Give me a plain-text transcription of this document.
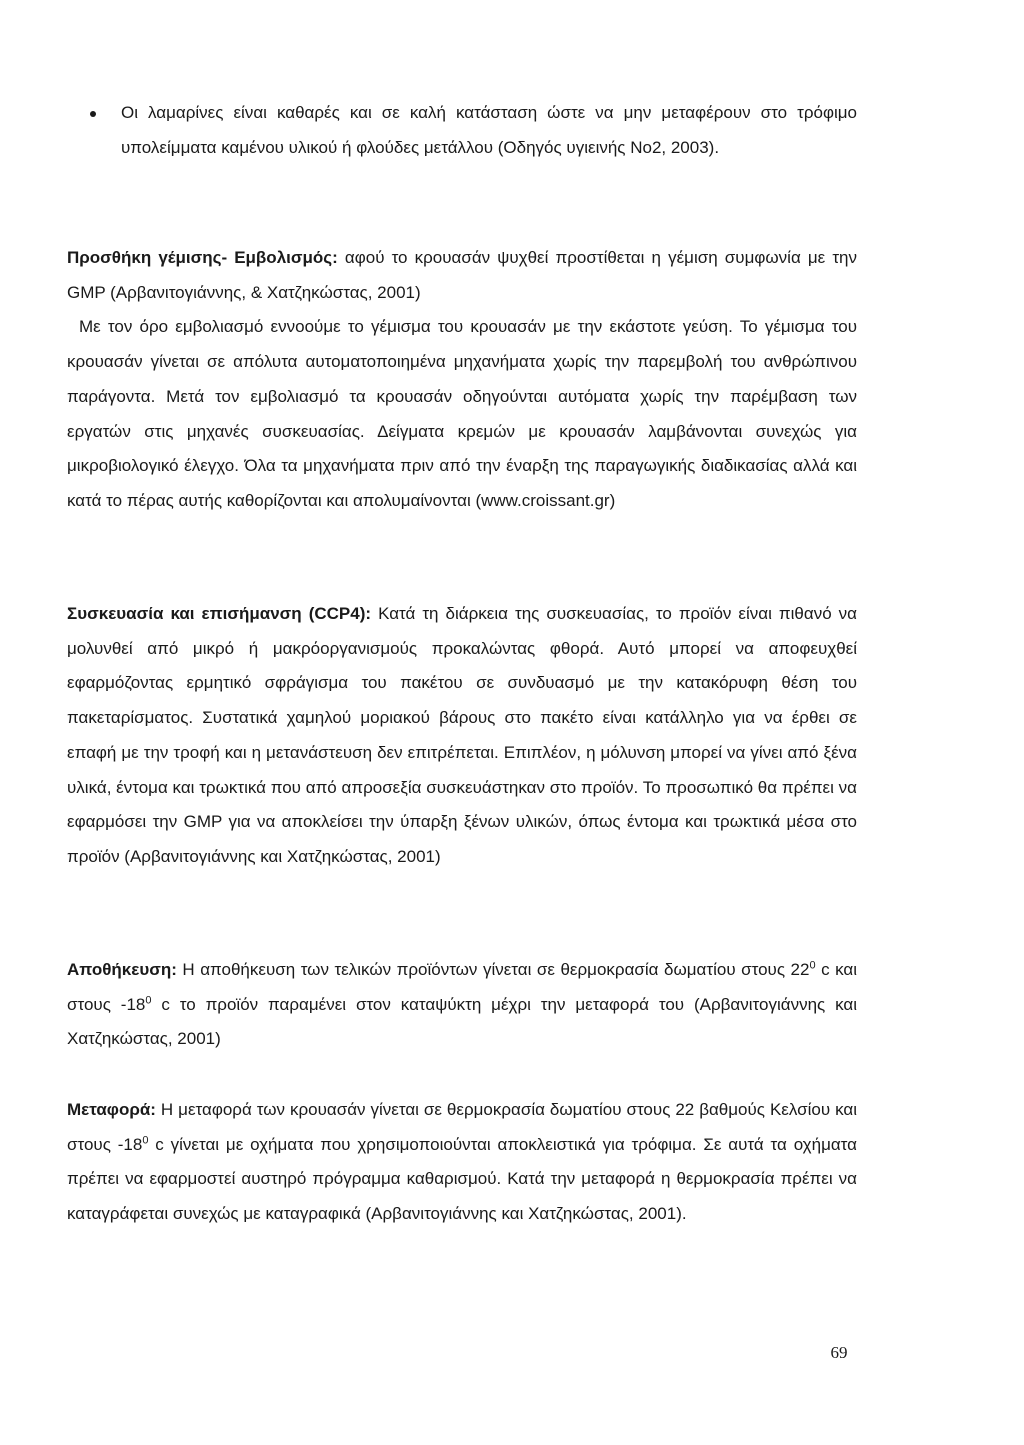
Οι λαμαρίνες είναι καθαρές και σε καλή κατάσταση ώστε να μην μεταφέρουν στο τρόφιμο υπολείμματα καμένου υλικού ή φλούδες μετάλλου (Οδηγός υγιεινής Νο2, 2003).
Προσθήκη γέμισης- Εμβολισμός: αφού το κρουασάν ψυχθεί προστίθεται η γέμιση συμφωνία με την GMP (Αρβανιτογιάννης, & Χατζηκώστας, 2001)
Με τον όρο εμβολιασμό εννοούμε το γέμισμα του κρουασάν με την εκάστοτε γεύση. Το γέμισμα του κρουασάν γίνεται σε απόλυτα αυτοματοποιημένα μηχανήματα χωρίς την παρεμβολή του ανθρώπινου παράγοντα. Μετά τον εμβολιασμό τα κρουασάν οδηγούνται αυτόματα χωρίς την παρέμβαση των εργατών στις μηχανές συσκευασίας. Δείγματα κρεμών με κρουασάν λαμβάνονται συνεχώς για μικροβιολογικό έλεγχο. Όλα τα μηχανήματα πριν από την έναρξη της παραγωγικής διαδικασίας αλλά και κατά το πέρας αυτής καθορίζονται και απολυμαίνονται (www.croissant.gr)
Συσκευασία και επισήμανση (CCP4): Κατά τη διάρκεια της συσκευασίας, το προϊόν είναι πιθανό να μολυνθεί από μικρό ή μακρόοργανισμούς προκαλώντας φθορά. Αυτό μπορεί να αποφευχθεί εφαρμόζοντας ερμητικό σφράγισμα του πακέτου σε συνδυασμό με την κατακόρυφη θέση του πακεταρίσματος. Συστατικά χαμηλού μοριακού βάρους στο πακέτο είναι κατάλληλο για να έρθει σε επαφή με την τροφή και η μετανάστευση δεν επιτρέπεται. Επιπλέον, η μόλυνση μπορεί να γίνει από ξένα υλικά, έντομα και τρωκτικά που από απροσεξία συσκευάστηκαν στο προϊόν. Το προσωπικό θα πρέπει να εφαρμόσει την GMP για να αποκλείσει την ύπαρξη ξένων υλικών, όπως έντομα και τρωκτικά μέσα στο προϊόν (Αρβανιτογιάννης και Χατζηκώστας, 2001)
Αποθήκευση: Η αποθήκευση των τελικών προϊόντων γίνεται σε θερμοκρασία δωματίου στους $22^0$ c και στους $-18^0$ c το προϊόν παραμένει στον καταψύκτη μέχρι την μεταφορά του (Αρβανιτογιάννης και Χατζηκώστας, 2001)
Μεταφορά: Η μεταφορά των κρουασάν γίνεται σε θερμοκρασία δωματίου στους 22 βαθμούς Κελσίου και στους $-18^0$ c γίνεται με οχήματα που χρησιμοποιούνται αποκλειστικά για τρόφιμα. Σε αυτά τα οχήματα πρέπει να εφαρμοστεί αυστηρό πρόγραμμα καθαρισμού. Κατά την μεταφορά η θερμοκρασία πρέπει να καταγράφεται συνεχώς με καταγραφικά (Αρβανιτογιάννης και Χατζηκώστας, 2001).
69
